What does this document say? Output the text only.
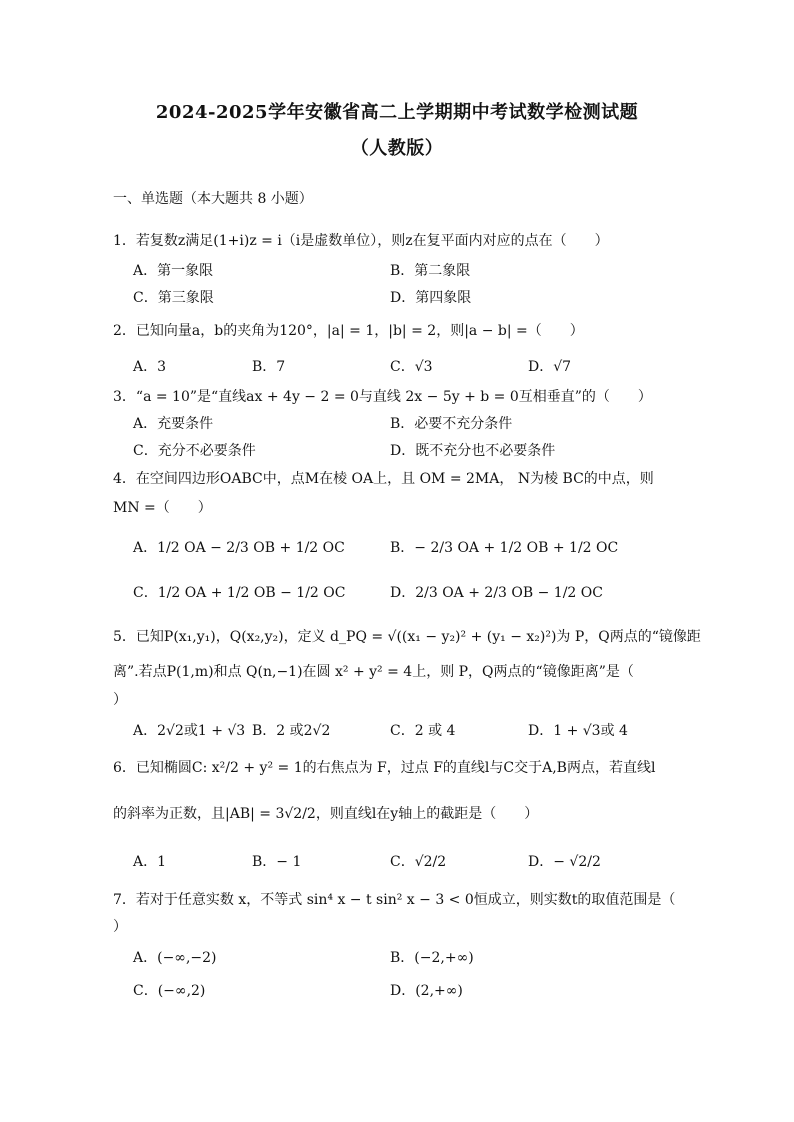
2024-2025学年安徽省高二上学期期中考试数学检测试题
（人教版）
一、单选题（本大题共 8 小题）
1．若复数z满足(1+i)z = i（i是虚数单位），则z在复平面内对应的点在（　　）
A．第一象限	B．第二象限
C．第三象限	D．第四象限
2．已知向量a，b的夹角为120°，|a| = 1，|b| = 2，则|a − b| =（　　）
A．3	B．7	C．√3	D．√7
3．“a = 10”是“直线ax + 4y − 2 = 0与直线 2x − 5y + b = 0互相垂直”的（　　）
A．充要条件	B．必要不充分条件
C．充分不必要条件	D．既不充分也不必要条件
4．在空间四边形OABC中，点M在棱 OA上，且 OM = 2MA， N为棱 BC的中点，则
MN =（　　）
A．1/2 OA − 2/3 OB + 1/2 OC	B．− 2/3 OA + 1/2 OB + 1/2 OC
C．1/2 OA + 1/2 OB − 1/2 OC	D．2/3 OA + 2/3 OB − 1/2 OC
5．已知P(x₁,y₁)，Q(x₂,y₂)，定义 d_PQ = √((x₁ − y₂)² + (y₁ − x₂)²)为 P，Q两点的“镜像距
离”.若点P(1,m)和点 Q(n,−1)在圆 x² + y² = 4上，则 P，Q两点的“镜像距离”是（
）
A．2√2或1 + √3 B．2 或2√2	C．2 或 4	D．1 + √3或 4
6．已知椭圆C: x²/2 + y² = 1的右焦点为 F，过点 F的直线l与C交于A,B两点，若直线l
的斜率为正数，且|AB| = 3√2/2，则直线l在y轴上的截距是（　　）
A．1	B．− 1	C．√2/2	D．− √2/2
7．若对于任意实数 x，不等式 sin⁴ x − t sin² x − 3 < 0恒成立，则实数t的取值范围是（
）
A．(−∞,−2)	B．(−2,+∞)
C．(−∞,2)	D．(2,+∞)
